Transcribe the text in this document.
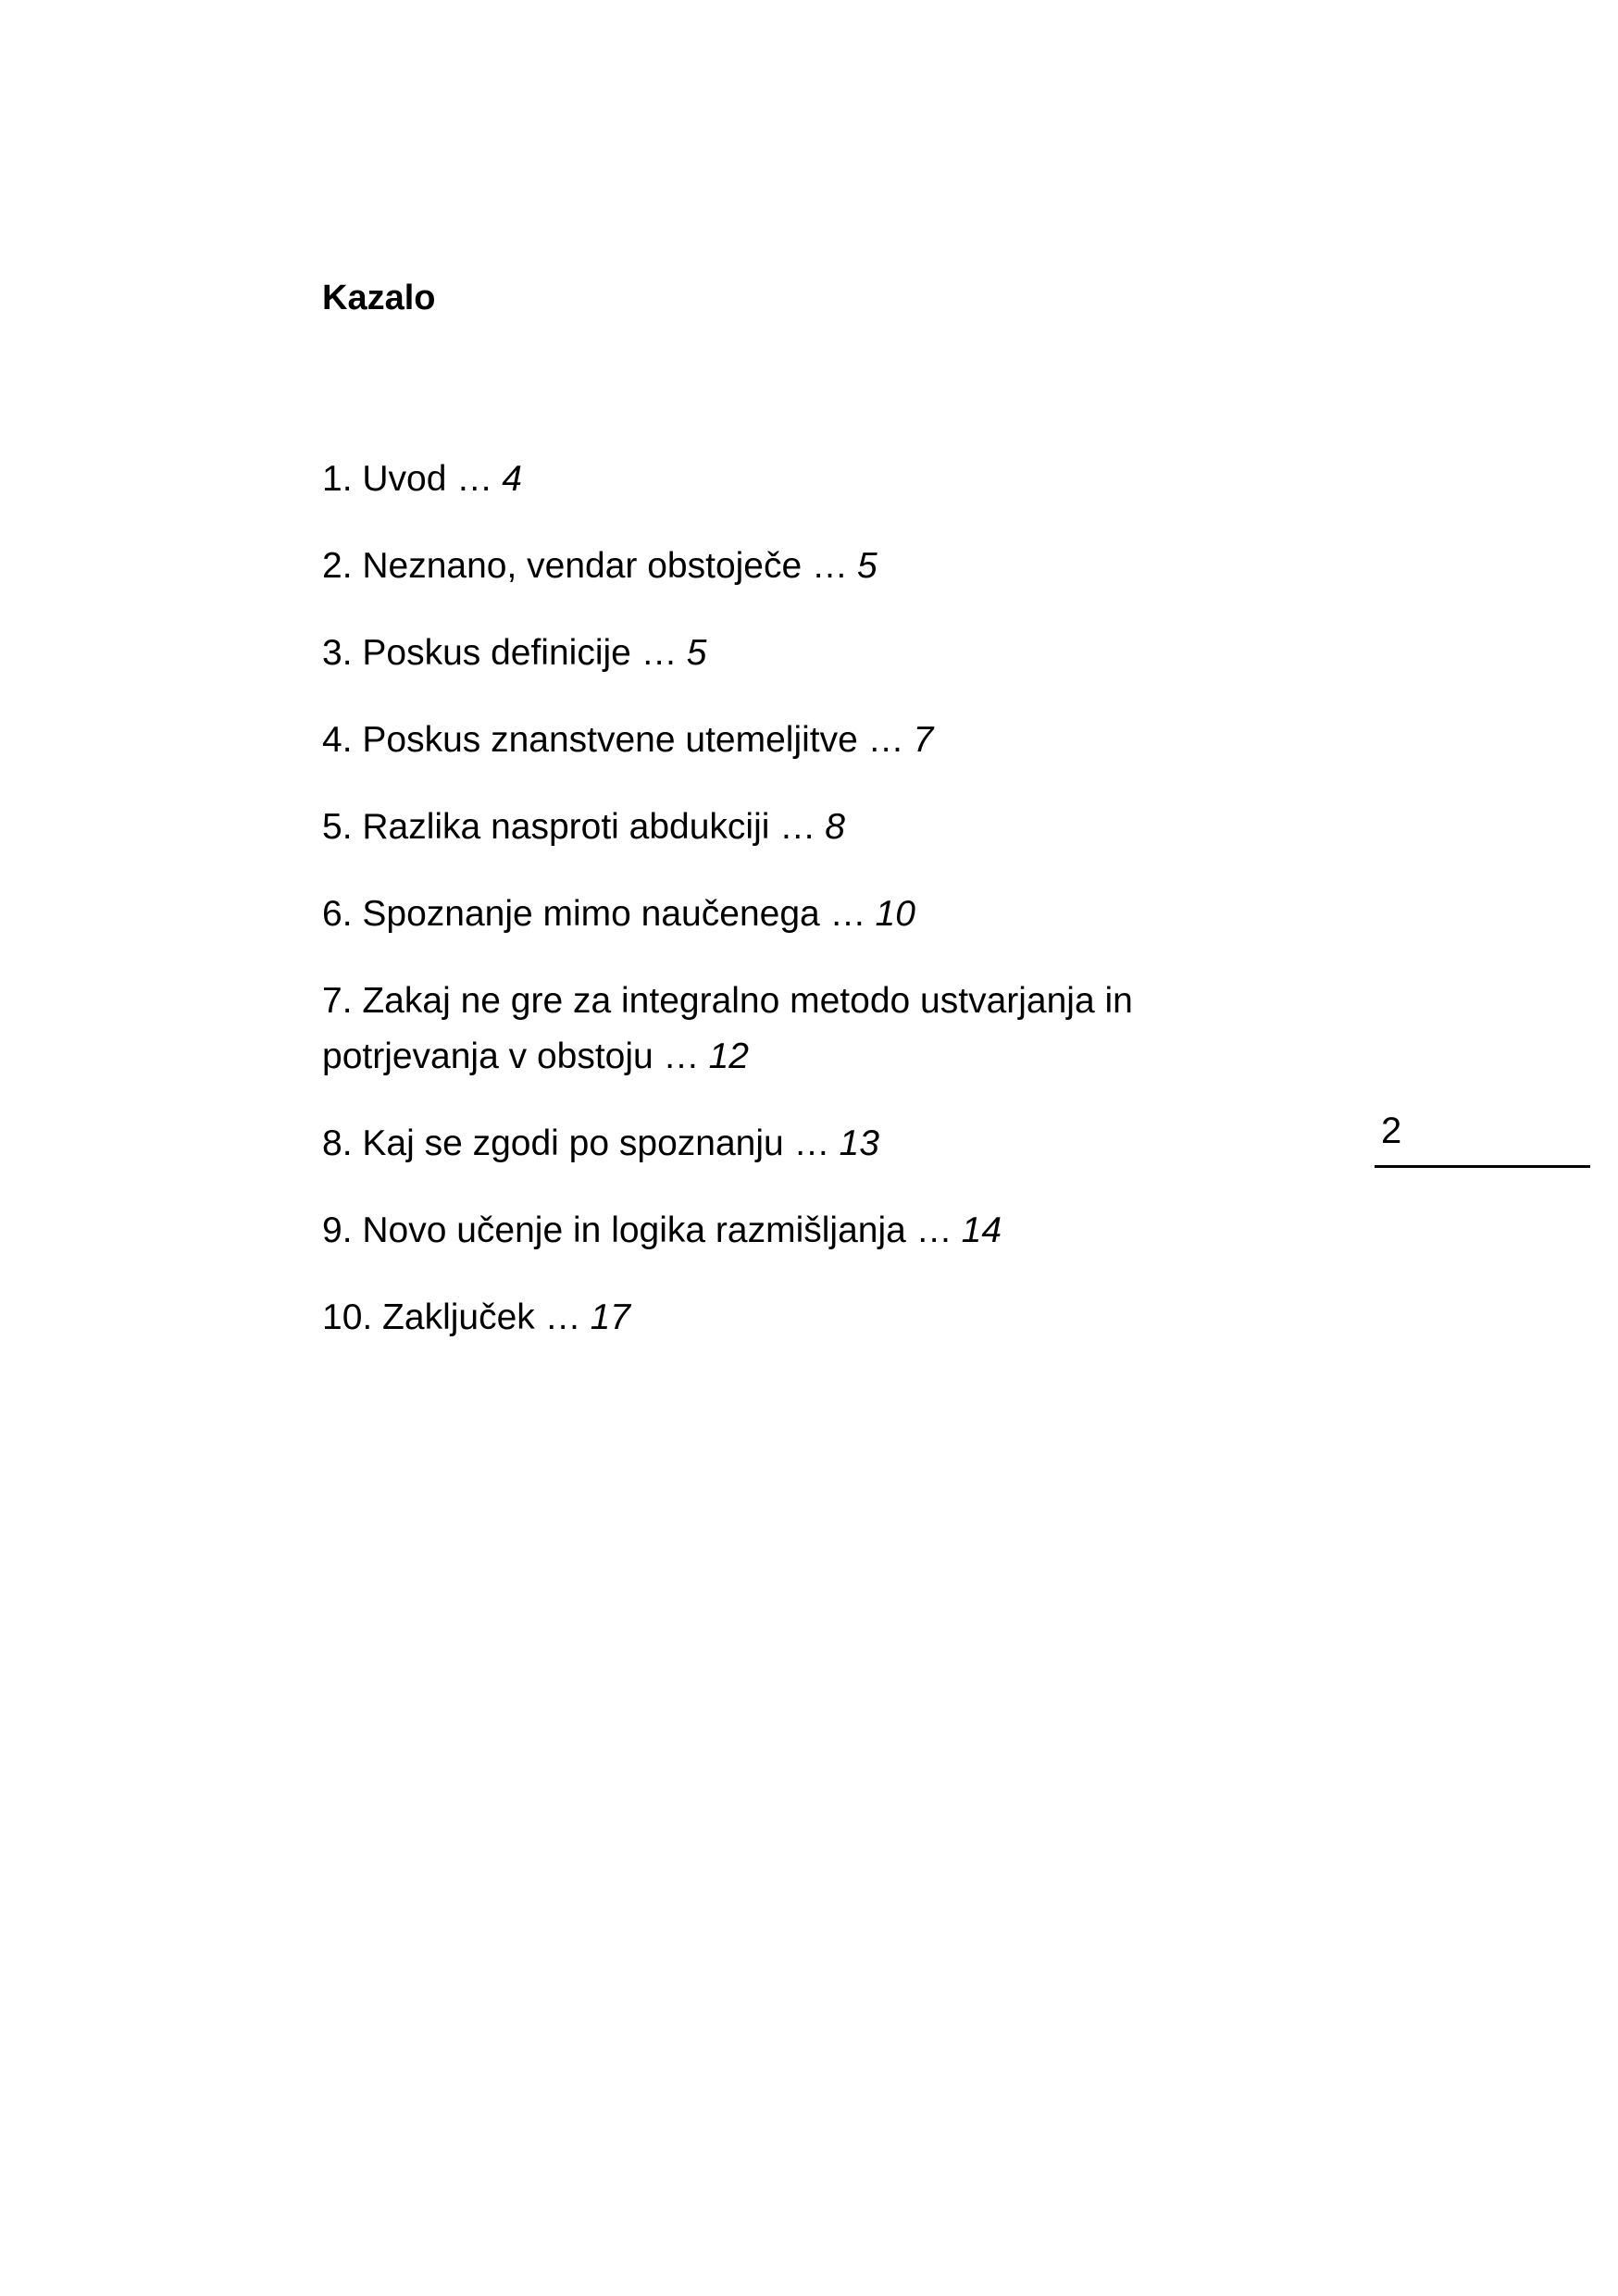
Kazalo
1. Uvod … 4
2. Neznano, vendar obstoječe … 5
3. Poskus definicije … 5
4. Poskus znanstvene utemeljitve … 7
5. Razlika nasproti abdukciji … 8
6. Spoznanje mimo naučenega … 10
7. Zakaj ne gre za integralno metodo ustvarjanja in potrjevanja v obstoju … 12
8. Kaj se zgodi po spoznanju … 13
9. Novo učenje in logika razmišljanja … 14
10. Zaključek … 17
2
